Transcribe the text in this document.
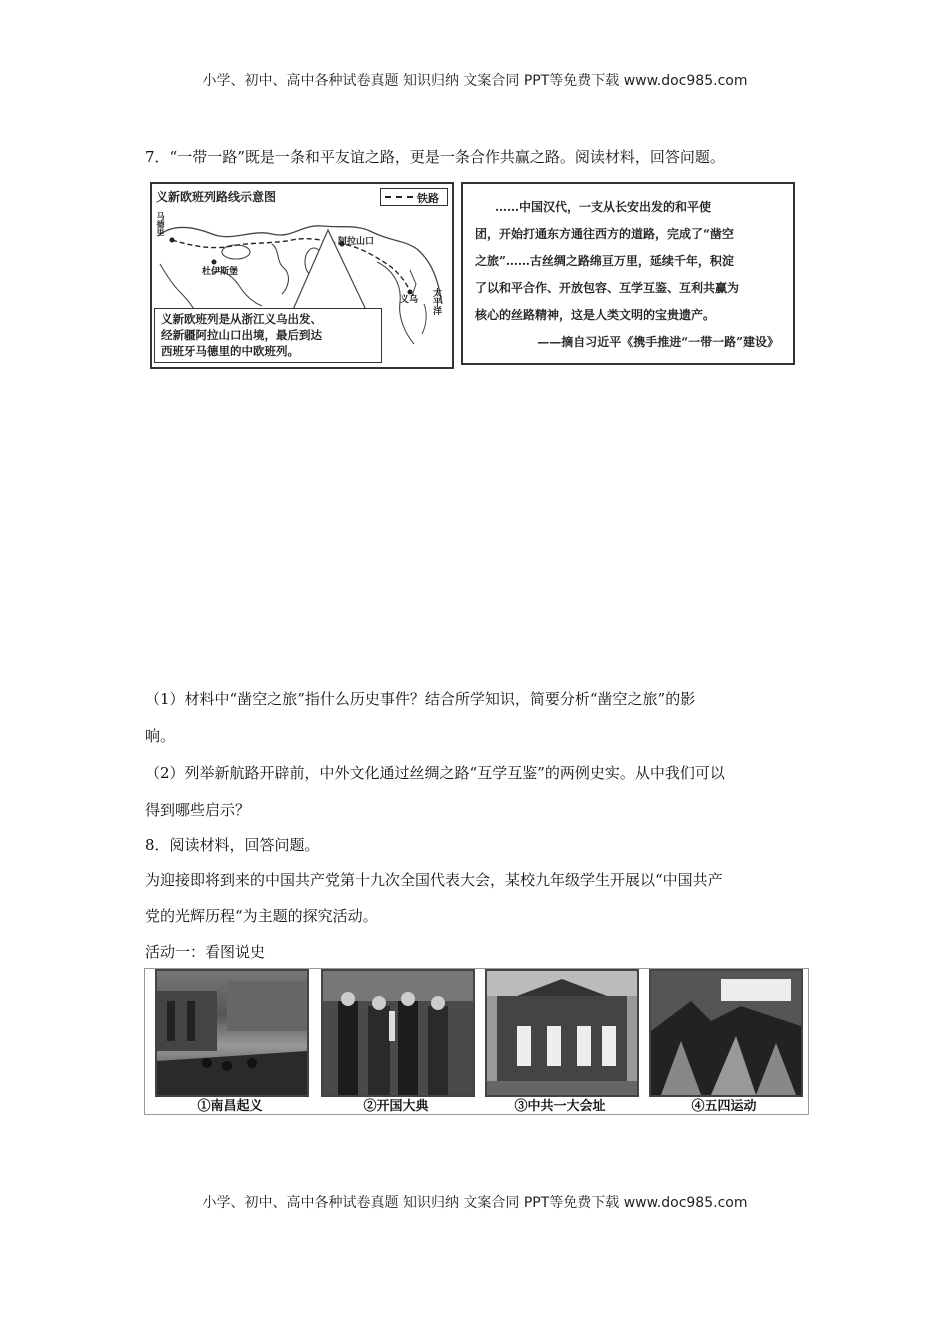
小学、初中、高中各种试卷真题 知识归纳 文案合同 PPT等免费下载 www.doc985.com
7．“一带一路”既是一条和平友谊之路，更是一条合作共赢之路。阅读材料，回答问题。
义新欧班列路线示意图	铁路
马德里
杜伊斯堡
阿拉山口
义乌 太平洋
义新欧班列是从浙江义乌出发、
经新疆阿拉山口出境，最后到达
西班牙马德里的中欧班列。
……中国汉代，一支从长安出发的和平使
团，开始打通东方通往西方的道路，完成了“凿空
之旅”……古丝绸之路绵亘万里，延续千年，积淀
了以和平合作、开放包容、互学互鉴、互利共赢为
核心的丝路精神，这是人类文明的宝贵遗产。
——摘自习近平《携手推进“一带一路”建设》
（1）材料中“凿空之旅”指什么历史事件？结合所学知识，简要分析“凿空之旅”的影
响。
（2）列举新航路开辟前，中外文化通过丝绸之路“互学互鉴”的两例史实。从中我们可以
得到哪些启示？
8．阅读材料，回答问题。
为迎接即将到来的中国共产党第十九次全国代表大会，某校九年级学生开展以“中国共产
党的光辉历程“为主题的探究活动。
活动一：看图说史
①南昌起义	②开国大典	③中共一大会址	④五四运动
小学、初中、高中各种试卷真题 知识归纳 文案合同 PPT等免费下载 www.doc985.com
